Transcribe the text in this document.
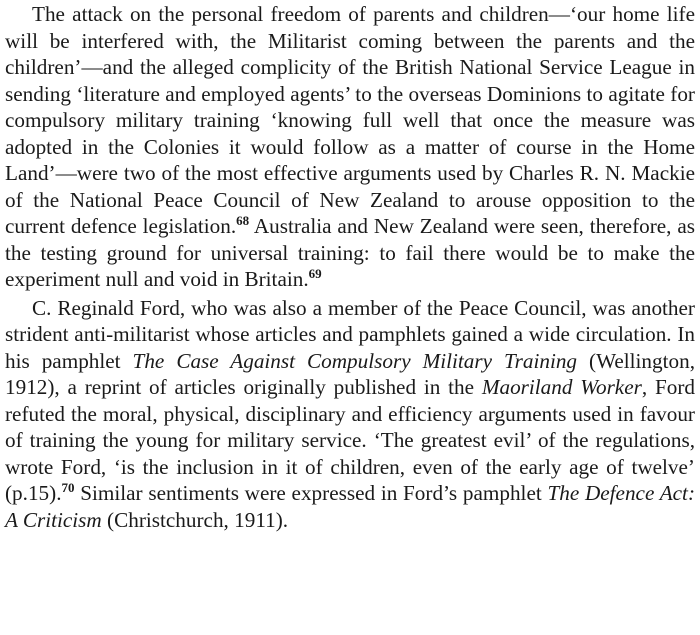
The attack on the personal freedom of parents and children—‘our home life will be interfered with, the Militarist coming between the parents and the children’—and the alleged complicity of the British National Service League in sending ‘literature and employed agents’ to the overseas Dominions to agitate for compulsory military training ‘knowing full well that once the measure was adopted in the Colonies it would follow as a matter of course in the Home Land’—were two of the most effective arguments used by Charles R. N. Mackie of the National Peace Council of New Zealand to arouse opposition to the current defence legislation.$^{68}$ Australia and New Zealand were seen, therefore, as the testing ground for universal training: to fail there would be to make the experiment null and void in Britain.$^{69}$

C. Reginald Ford, who was also a member of the Peace Council, was another strident anti-militarist whose articles and pamphlets gained a wide circulation. In his pamphlet The Case Against Compulsory Military Training (Wellington, 1912), a reprint of articles originally published in the Maoriland Worker, Ford refuted the moral, physical, disciplinary and efficiency arguments used in favour of training the young for military service. ‘The greatest evil’ of the regulations, wrote Ford, ‘is the inclusion in it of children, even of the early age of twelve’ (p.15).$^{70}$ Similar sentiments were expressed in Ford’s pamphlet The Defence Act: A Criticism (Christchurch, 1911).
